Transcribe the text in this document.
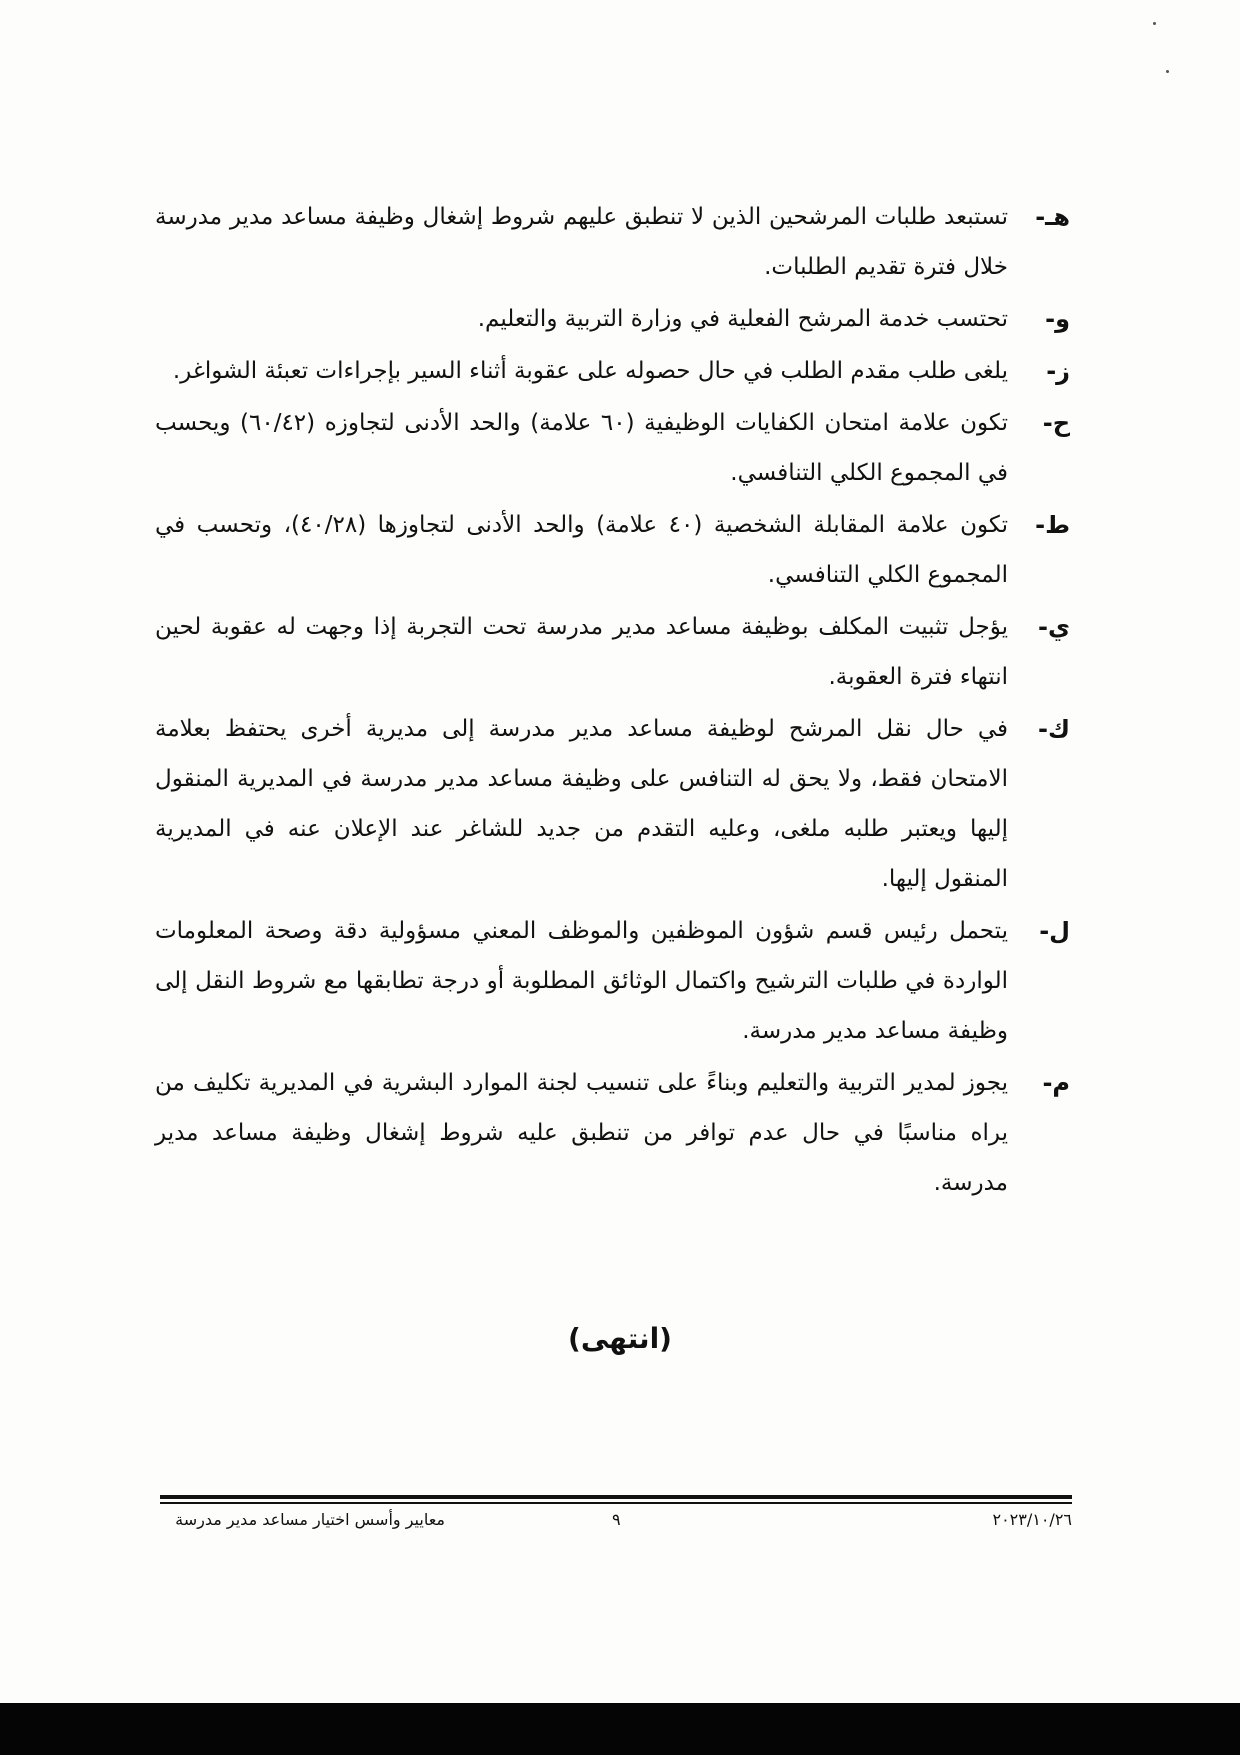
هـ-
تستبعد طلبات المرشحين الذين لا تنطبق عليهم شروط إشغال وظيفة مساعد مدير مدرسة خلال فترة تقديم الطلبات.
و-
تحتسب خدمة المرشح الفعلية في وزارة التربية والتعليم.
ز-
يلغى طلب مقدم الطلب في حال حصوله على عقوبة أثناء السير بإجراءات تعبئة الشواغر.
ح-
تكون علامة امتحان الكفايات الوظيفية (٦٠ علامة) والحد الأدنى لتجاوزه (٦٠/٤٢) ويحسب في المجموع الكلي التنافسي.
ط-
تكون علامة المقابلة الشخصية (٤٠ علامة) والحد الأدنى لتجاوزها (٤٠/٢٨)، وتحسب في المجموع الكلي التنافسي.
ي-
يؤجل تثبيت المكلف بوظيفة مساعد مدير مدرسة تحت التجربة إذا وجهت له عقوبة لحين انتهاء فترة العقوبة.
ك-
في حال نقل المرشح لوظيفة مساعد مدير مدرسة إلى مديرية أخرى يحتفظ بعلامة الامتحان فقط، ولا يحق له التنافس على وظيفة مساعد مدير مدرسة في المديرية المنقول إليها ويعتبر طلبه ملغى، وعليه التقدم من جديد للشاغر عند الإعلان عنه في المديرية المنقول إليها.
ل-
يتحمل رئيس قسم شؤون الموظفين والموظف المعني مسؤولية دقة وصحة المعلومات الواردة في طلبات الترشيح واكتمال الوثائق المطلوبة أو درجة تطابقها مع شروط النقل إلى وظيفة مساعد مدير مدرسة.
م-
يجوز لمدير التربية والتعليم وبناءً على تنسيب لجنة الموارد البشرية في المديرية تكليف من يراه مناسبًا في حال عدم توافر من تنطبق عليه شروط إشغال وظيفة مساعد مدير مدرسة.
(انتهى)
معايير وأسس اختيار مساعد مدير مدرسة	٩	٢٠٢٣/١٠/٢٦
